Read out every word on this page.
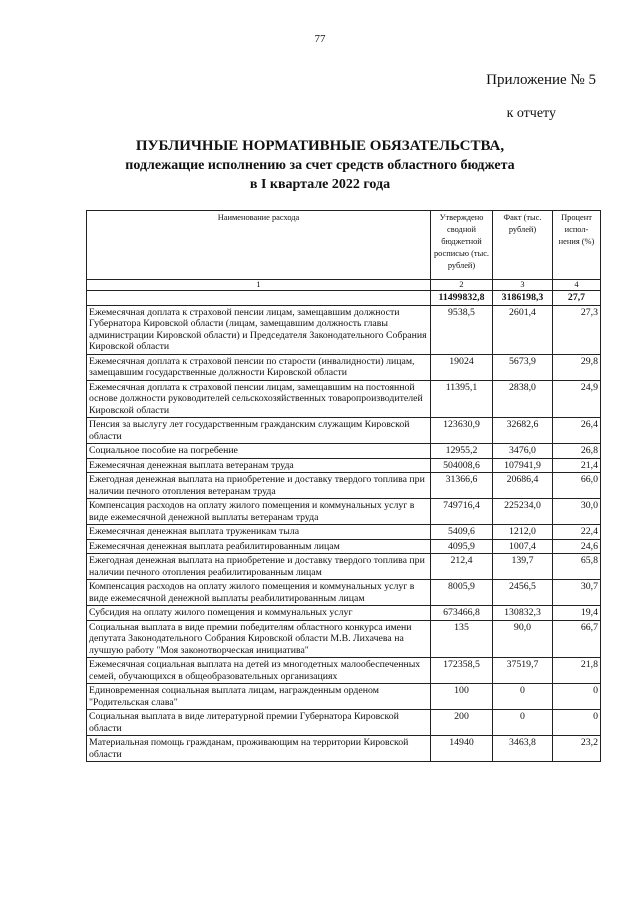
77
Приложение № 5
к отчету
ПУБЛИЧНЫЕ НОРМАТИВНЫЕ ОБЯЗАТЕЛЬСТВА,
подлежащие исполнению за счет средств областного бюджета
в I квартале 2022 года
Наименование расхода	Утверждено сводной бюджетной росписью (тыс. рублей)	Факт (тыс. рублей)	Процент испол-нения (%)
1	2	3	4
	11499832,8	3186198,3	27,7
Ежемесячная доплата к страховой пенсии лицам, замещавшим должности Губернатора Кировской области (лицам, замещавшим должность главы администрации Кировской области) и Председателя Законодательного Собрания Кировской области	9538,5	2601,4	27,3
Ежемесячная доплата к страховой пенсии по старости (инвалидности) лицам, замещавшим государственные должности Кировской области	19024	5673,9	29,8
Ежемесячная доплата к страховой пенсии лицам, замещавшим на постоянной основе должности руководителей сельскохозяйственных товаропроизводителей Кировской области	11395,1	2838,0	24,9
Пенсия за выслугу лет государственным гражданским служащим Кировской области	123630,9	32682,6	26,4
Социальное пособие на погребение	12955,2	3476,0	26,8
Ежемесячная денежная выплата ветеранам труда	504008,6	107941,9	21,4
Ежегодная денежная выплата на приобретение и доставку твердого топлива при наличии печного отопления ветеранам труда	31366,6	20686,4	66,0
Компенсация расходов на оплату жилого помещения и коммунальных услуг в виде ежемесячной денежной выплаты ветеранам труда	749716,4	225234,0	30,0
Ежемесячная денежная выплата труженикам тыла	5409,6	1212,0	22,4
Ежемесячная денежная выплата реабилитированным лицам	4095,9	1007,4	24,6
Ежегодная денежная выплата на приобретение и доставку твердого топлива при наличии печного отопления реабилитированным лицам	212,4	139,7	65,8
Компенсация расходов на оплату жилого помещения и коммунальных услуг в виде ежемесячной денежной выплаты реабилитированным лицам	8005,9	2456,5	30,7
Субсидия на оплату жилого помещения и коммунальных услуг	673466,8	130832,3	19,4
Социальная выплата в виде премии победителям областного конкурса имени депутата Законодательного Собрания Кировской области М.В. Лихачева на лучшую работу "Моя законотворческая инициатива"	135	90,0	66,7
Ежемесячная социальная выплата на детей из многодетных малообеспеченных семей, обучающихся в общеобразовательных организациях	172358,5	37519,7	21,8
Единовременная социальная выплата лицам, награжденным орденом "Родительская слава"	100	0	0
Социальная выплата в виде литературной премии Губернатора Кировской области	200	0	0
Материальная помощь гражданам, проживающим на территории Кировской области	14940	3463,8	23,2
